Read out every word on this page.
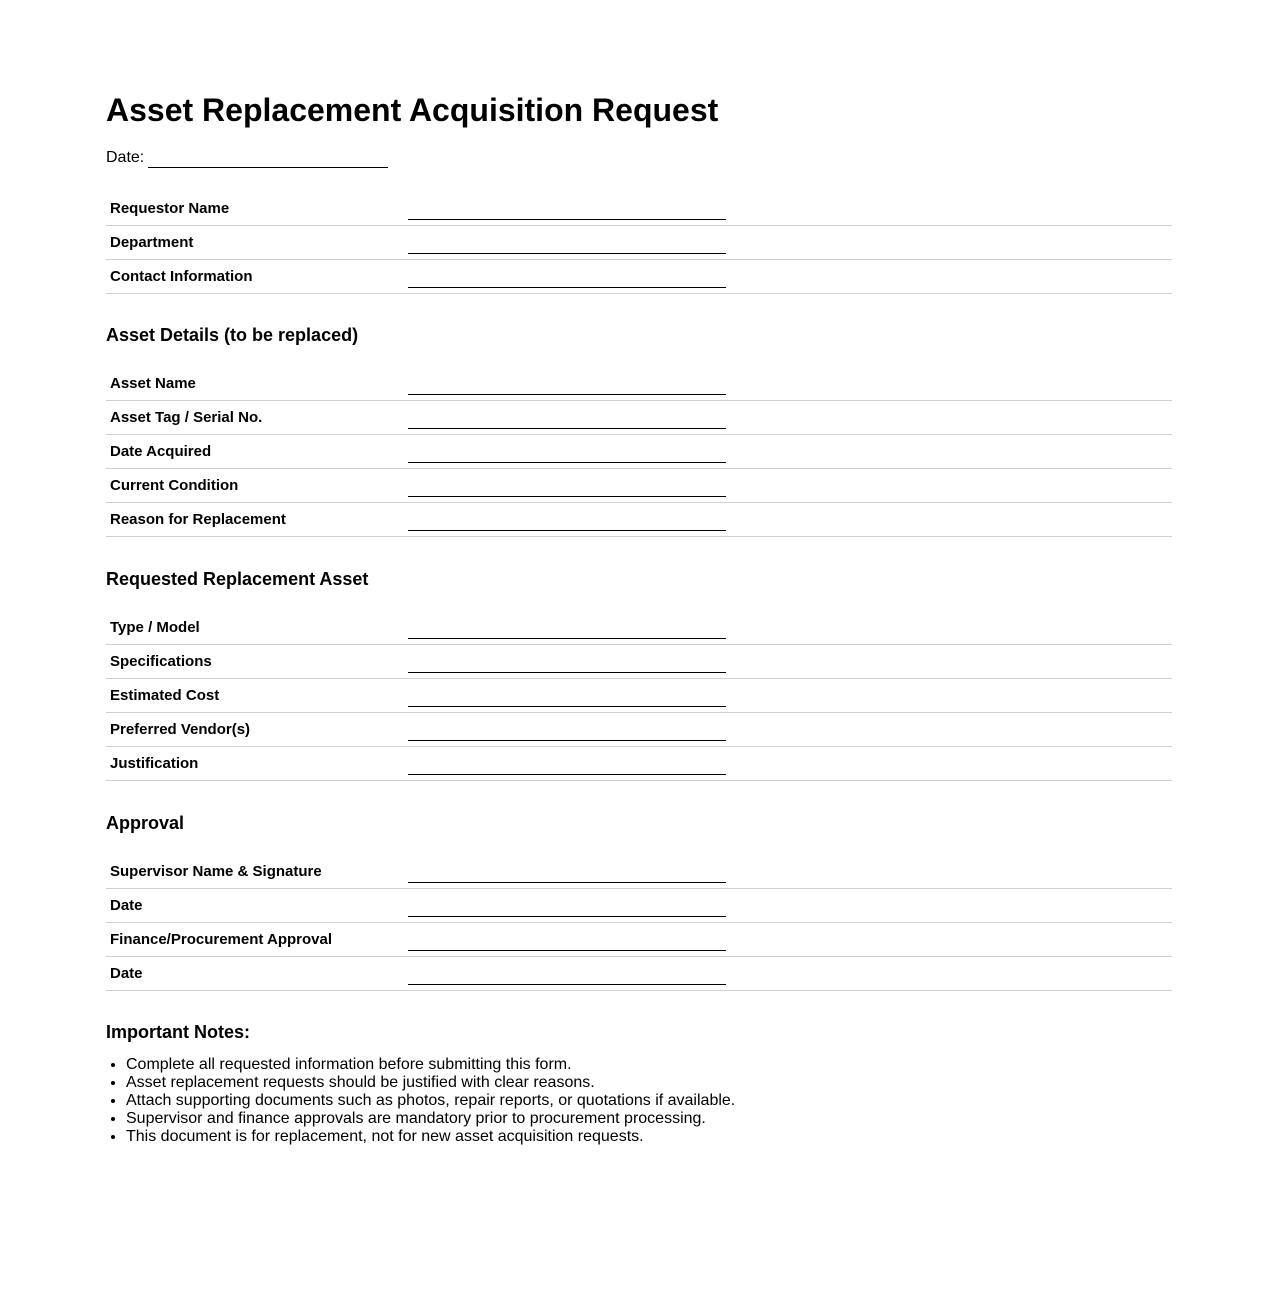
Asset Replacement Acquisition Request
Date:
Requestor Name
Department
Contact Information
Asset Details (to be replaced)
Asset Name
Asset Tag / Serial No.
Date Acquired
Current Condition
Reason for Replacement
Requested Replacement Asset
Type / Model
Specifications
Estimated Cost
Preferred Vendor(s)
Justification
Approval
Supervisor Name & Signature
Date
Finance/Procurement Approval
Date
Important Notes:
• Complete all requested information before submitting this form.
• Asset replacement requests should be justified with clear reasons.
• Attach supporting documents such as photos, repair reports, or quotations if available.
• Supervisor and finance approvals are mandatory prior to procurement processing.
• This document is for replacement, not for new asset acquisition requests.
